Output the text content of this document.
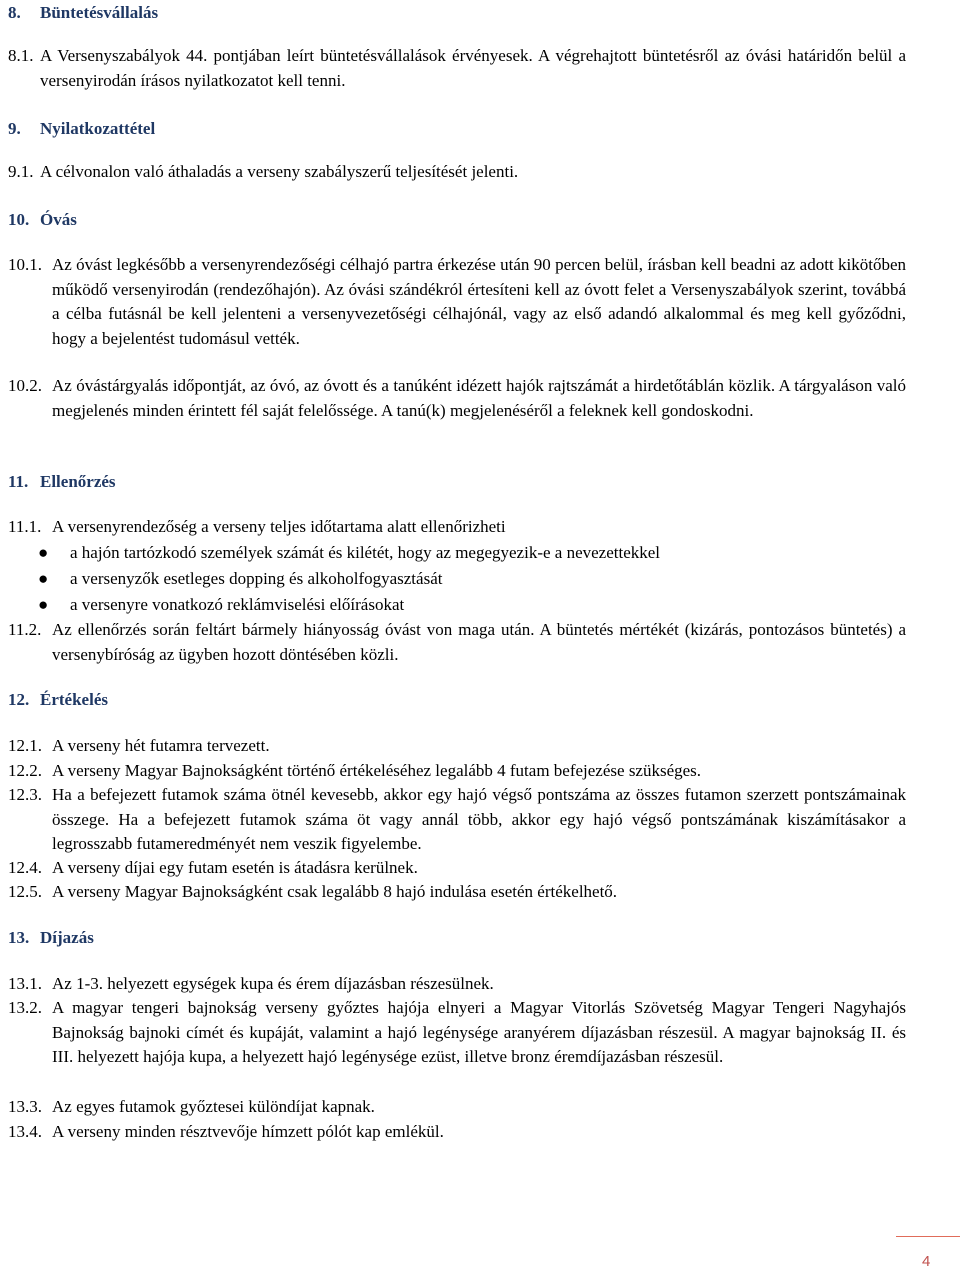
8. Büntetésvállalás
8.1. A Versenyszabályok 44. pontjában leírt büntetésvállalások érvényesek. A végrehajtott büntetésről az óvási határidőn belül a versenyirodán írásos nyilatkozatot kell tenni.
9. Nyilatkozattétel
9.1. A célvonalon való áthaladás a verseny szabályszerű teljesítését jelenti.
10. Óvás
10.1. Az óvást legkésőbb a versenyrendezőségi célhajó partra érkezése után 90 percen belül, írásban kell beadni az adott kikötőben működő versenyirodán (rendezőhajón). Az óvási szándékról értesíteni kell az óvott felet a Versenyszabályok szerint, továbbá a célba futásnál be kell jelenteni a versenyvezetőségi célhajónál, vagy az első adandó alkalommal és meg kell győződni, hogy a bejelentést tudomásul vették.
10.2. Az óvástárgyalás időpontját, az óvó, az óvott és a tanúként idézett hajók rajtszámát a hirdetőtáblán közlik. A tárgyaláson való megjelenés minden érintett fél saját felelőssége. A tanú(k) megjelenéséről a feleknek kell gondoskodni.
11. Ellenőrzés
11.1. A versenyrendezőség a verseny teljes időtartama alatt ellenőrizheti
● a hajón tartózkodó személyek számát és kilétét, hogy az megegyezik-e a nevezettekkel
● a versenyzők esetleges dopping és alkoholfogyasztását
● a versenyre vonatkozó reklámviselési előírásokat
11.2. Az ellenőrzés során feltárt bármely hiányosság óvást von maga után. A büntetés mértékét (kizárás, pontozásos büntetés) a versenybíróság az ügyben hozott döntésében közli.
12. Értékelés
12.1. A verseny hét futamra tervezett.
12.2. A verseny Magyar Bajnokságként történő értékeléséhez legalább 4 futam befejezése szükséges.
12.3. Ha a befejezett futamok száma ötnél kevesebb, akkor egy hajó végső pontszáma az összes futamon szerzett pontszámainak összege. Ha a befejezett futamok száma öt vagy annál több, akkor egy hajó végső pontszámának kiszámításakor a legrosszabb futameredményét nem veszik figyelembe.
12.4. A verseny díjai egy futam esetén is átadásra kerülnek.
12.5. A verseny Magyar Bajnokságként csak legalább 8 hajó indulása esetén értékelhető.
13. Díjazás
13.1. Az 1-3. helyezett egységek kupa és érem díjazásban részesülnek.
13.2. A magyar tengeri bajnokság verseny győztes hajója elnyeri a Magyar Vitorlás Szövetség Magyar Tengeri Nagyhajós Bajnokság bajnoki címét és kupáját, valamint a hajó legénysége aranyérem díjazásban részesül. A magyar bajnokság II. és III. helyezett hajója kupa, a helyezett hajó legénysége ezüst, illetve bronz éremdíjazásban részesül.
13.3. Az egyes futamok győztesei különdíjat kapnak.
13.4. A verseny minden résztvevője hímzett pólót kap emlékül.
4
